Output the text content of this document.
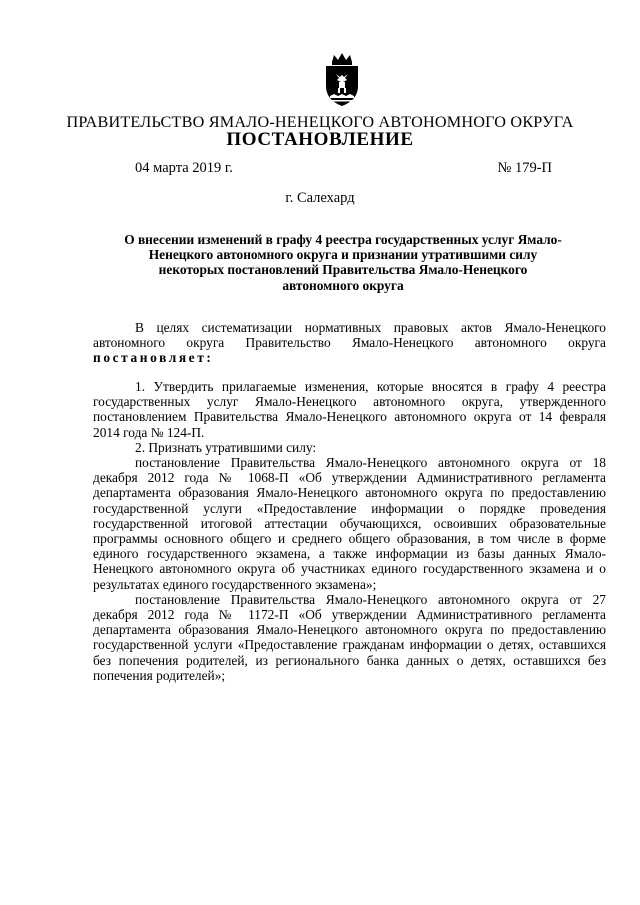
ПРАВИТЕЛЬСТВО ЯМАЛО-НЕНЕЦКОГО АВТОНОМНОГО ОКРУГА
ПОСТАНОВЛЕНИЕ
04 марта 2019 г.	№ 179-П
г. Салехард
О внесении изменений в графу 4 реестра государственных услуг Ямало-Ненецкого автономного округа и признании утратившими силу некоторых постановлений Правительства Ямало-Ненецкого автономного округа

В целях систематизации нормативных правовых актов Ямало-Ненецкого автономного округа Правительство Ямало-Ненецкого автономного округа постановляет:

1. Утвердить прилагаемые изменения, которые вносятся в графу 4 реестра государственных услуг Ямало-Ненецкого автономного округа, утвержденного постановлением Правительства Ямало-Ненецкого автономного округа от 14 февраля 2014 года № 124-П.

2. Признать утратившими силу:

постановление Правительства Ямало-Ненецкого автономного округа от 18 декабря 2012 года № 1068-П «Об утверждении Административного регламента департамента образования Ямало-Ненецкого автономного округа по предоставлению государственной услуги «Предоставление информации о порядке проведения государственной итоговой аттестации обучающихся, освоивших образовательные программы основного общего и среднего общего образования, в том числе в форме единого государственного экзамена, а также информации из базы данных Ямало-Ненецкого автономного округа об участниках единого государственного экзамена и о результатах единого государственного экзамена»;

постановление Правительства Ямало-Ненецкого автономного округа от 27 декабря 2012 года № 1172-П «Об утверждении Административного регламента департамента образования Ямало-Ненецкого автономного округа по предоставлению государственной услуги «Предоставление гражданам информации о детях, оставшихся без попечения родителей, из регионального банка данных о детях, оставшихся без попечения родителей»;
